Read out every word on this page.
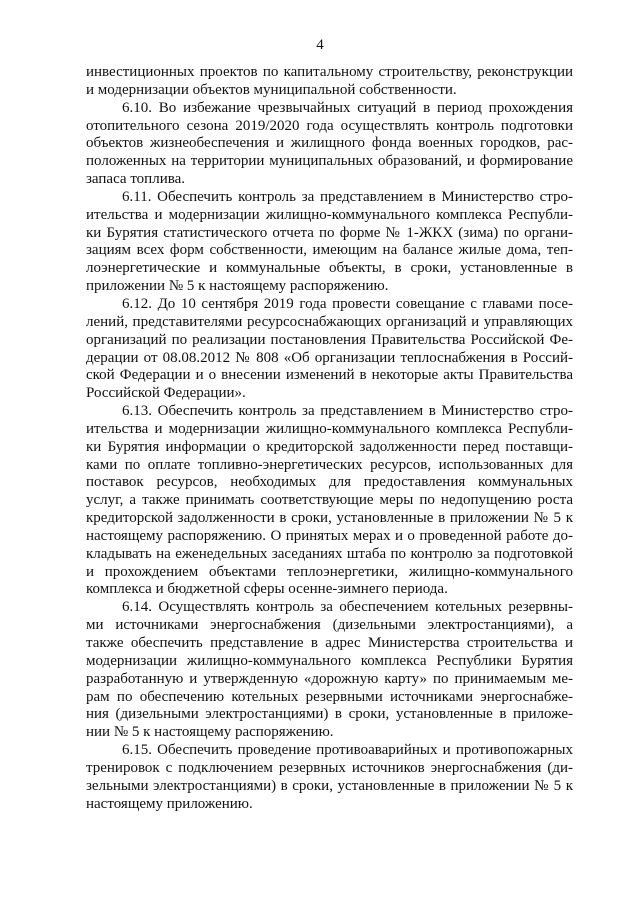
4
инвестиционных проектов по капитальному строительству, реконструкции
и модернизации объектов муниципальной собственности.
6.10. Во избежание чрезвычайных ситуаций в период прохождения
отопительного сезона 2019/2020 года осуществлять контроль подготовки
объектов жизнеобеспечения и жилищного фонда военных городков, рас-
положенных на территории муниципальных образований, и формирование
запаса топлива.
6.11. Обеспечить контроль за представлением в Министерство стро-
ительства и модернизации жилищно-коммунального комплекса Республи-
ки Бурятия статистического отчета по форме № 1-ЖКХ (зима) по органи-
зациям всех форм собственности, имеющим на балансе жилые дома, теп-
лоэнергетические и коммунальные объекты, в сроки, установленные в
приложении № 5 к настоящему распоряжению.
6.12. До 10 сентября 2019 года провести совещание с главами посе-
лений, представителями ресурсоснабжающих организаций и управляющих
организаций по реализации постановления Правительства Российской Фе-
дерации от 08.08.2012 № 808 «Об организации теплоснабжения в Россий-
ской Федерации и о внесении изменений в некоторые акты Правительства
Российской Федерации».
6.13. Обеспечить контроль за представлением в Министерство стро-
ительства и модернизации жилищно-коммунального комплекса Республи-
ки Бурятия информации о кредиторской задолженности перед поставщи-
ками по оплате топливно-энергетических ресурсов, использованных для
поставок ресурсов, необходимых для предоставления коммунальных
услуг, а также принимать соответствующие меры по недопущению роста
кредиторской задолженности в сроки, установленные в приложении № 5 к
настоящему распоряжению. О принятых мерах и о проведенной работе до-
кладывать на еженедельных заседаниях штаба по контролю за подготовкой
и прохождением объектами теплоэнергетики, жилищно-коммунального
комплекса и бюджетной сферы осенне-зимнего периода.
6.14. Осуществлять контроль за обеспечением котельных резервны-
ми источниками энергоснабжения (дизельными электростанциями), а
также обеспечить представление в адрес Министерства строительства и
модернизации жилищно-коммунального комплекса Республики Бурятия
разработанную и утвержденную «дорожную карту» по принимаемым ме-
рам по обеспечению котельных резервными источниками энергоснабже-
ния (дизельными электростанциями) в сроки, установленные в приложе-
нии № 5 к настоящему распоряжению.
6.15. Обеспечить проведение противоаварийных и противопожарных
тренировок с подключением резервных источников энергоснабжения (ди-
зельными электростанциями) в сроки, установленные в приложении № 5 к
настоящему приложению.
